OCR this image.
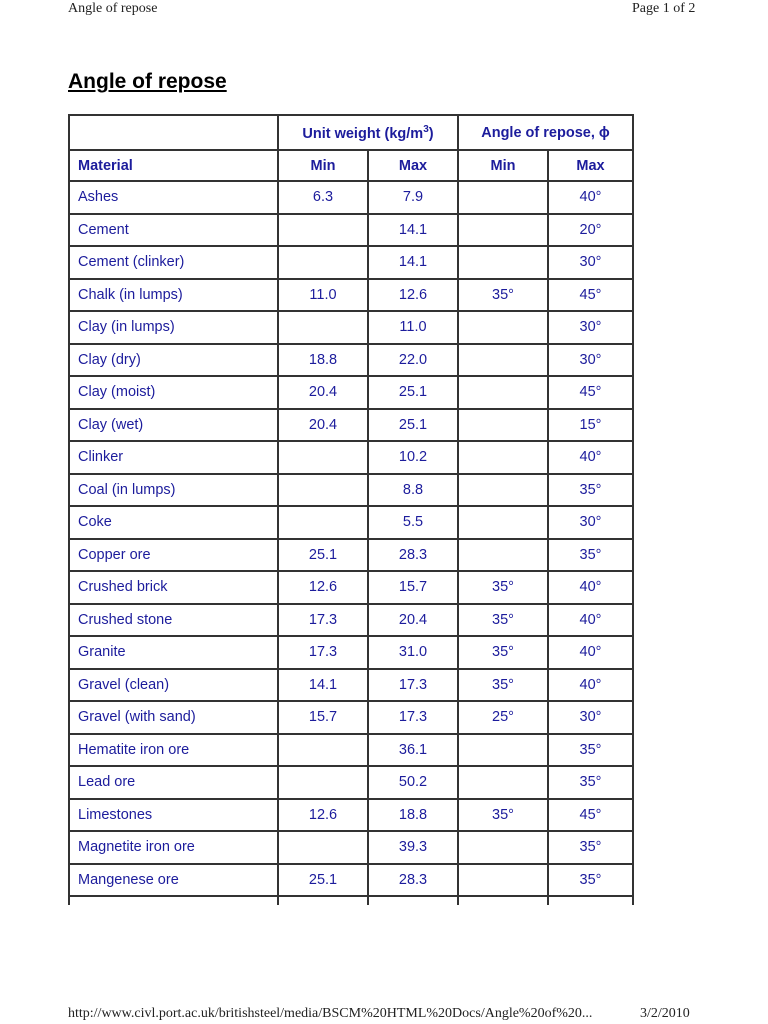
Angle of repose	Page 1 of 2
Angle of repose
	Unit weight $(kg/m^3)$		Angle of repose, ϕ	
Material	Min	Max	Min	Max
Ashes	6.3	7.9		40°
Cement		14.1		20°
Cement (clinker)		14.1		30°
Chalk (in lumps)	11.0	12.6	35°	45°
Clay (in lumps)		11.0		30°
Clay (dry)	18.8	22.0		30°
Clay (moist)	20.4	25.1		45°
Clay (wet)	20.4	25.1		15°
Clinker		10.2		40°
Coal (in lumps)		8.8		35°
Coke		5.5		30°
Copper ore	25.1	28.3		35°
Crushed brick	12.6	15.7	35°	40°
Crushed stone	17.3	20.4	35°	40°
Granite	17.3	31.0	35°	40°
Gravel (clean)	14.1	17.3	35°	40°
Gravel (with sand)	15.7	17.3	25°	30°
Hematite iron ore		36.1		35°
Lead ore		50.2		35°
Limestones	12.6	18.8	35°	45°
Magnetite iron ore		39.3		35°
Mangenese ore	25.1	28.3		35°

http://www.civl.port.ac.uk/britishsteel/media/BSCM%20HTML%20Docs/Angle%20of%20...	3/2/2010
